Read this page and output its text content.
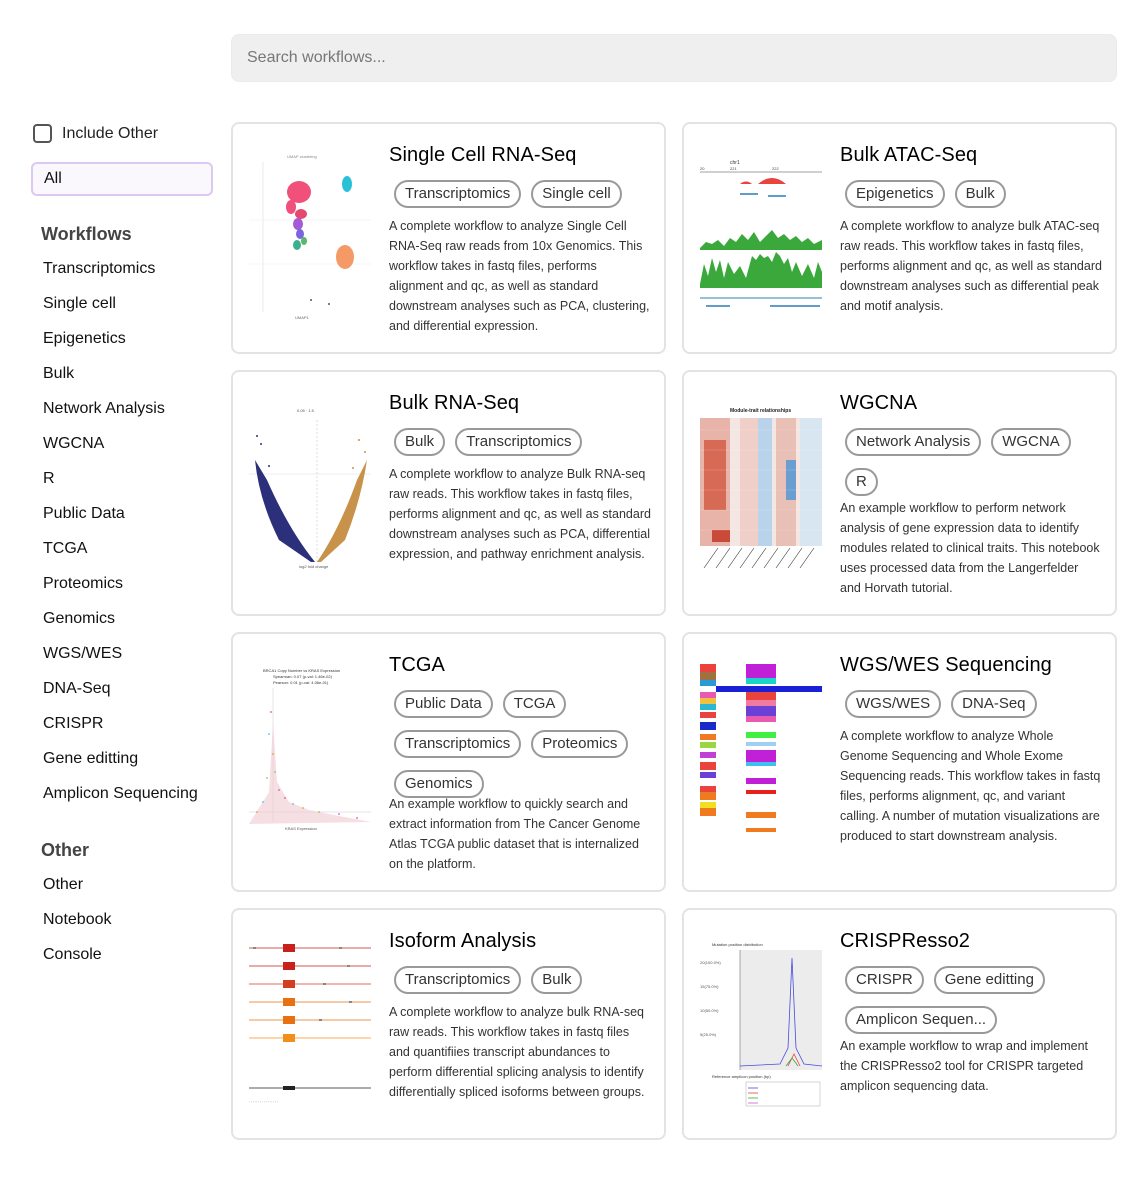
Search workflows...
Include Other
All
Workflows
Transcriptomics
Single cell
Epigenetics
Bulk
Network Analysis
WGCNA
R
Public Data
TCGA
Proteomics
Genomics
WGS/WES
DNA-Seq
CRISPR
Gene editting
Amplicon Sequencing
Other
Other
Notebook
Console
UMAP clustering
UMAP1
Single Cell RNA-Seq
Transcriptomics	Single cell
A complete workflow to analyze Single Cell RNA-Seq raw reads from 10x Genomics. This workflow takes in fastq files, performs alignment and qc, as well as standard downstream analyses such as PCA, clustering, and differential expression.
chr1
20	221	222
Bulk ATAC-Seq
Epigenetics	Bulk
A complete workflow to analyze bulk ATAC-seq raw reads. This workflow takes in fastq files, performs alignment and qc, as well as standard downstream analyses such as differential peak and motif analysis.
0.05 · 1.5
log2 fold change
Bulk RNA-Seq
Bulk	Transcriptomics
A complete workflow to analyze Bulk RNA-seq raw reads. This workflow takes in fastq files, performs alignment and qc, as well as standard downstream analyses such as PCA, differential expression, and pathway enrichment analysis.
Module-trait relationships WGCNA
Network Analysis	WGCNA
R
An example workflow to perform network analysis of gene expression data to identify modules related to clinical traits. This notebook uses processed data from the Langerfelder and Horvath tutorial.
BRCA1 Copy Number vs KRAS Expression
Spearman: 0.07 (p-val: 1.46e-02)
Pearson: 0.01 (p-val: 4.06e-01)
KRAS Expression
TCGA
Public Data	TCGA
Transcriptomics	Proteomics
Genomics
An example workflow to quickly search and extract information from The Cancer Genome Atlas TCGA public dataset that is internalized on the platform.
WGS/WES Sequencing
WGS/WES	DNA-Seq
A complete workflow to analyze Whole Genome Sequencing and Whole Exome Sequencing reads. This workflow takes in fastq files, performs alignment, qc, and variant calling. A number of mutation visualizations are produced to start downstream analysis.
' ' ' ' ' ' ' ' ' ' ' ' ' ' ' '
Isoform Analysis
Transcriptomics	Bulk
A complete workflow to analyze bulk RNA-seq raw reads. This workflow takes in fastq files and quantifiies transcript abundances to perform differential splicing analysis to identify differentially spliced isoforms between groups.
Mutation position distribution
20(100.0%)
15(75.0%)
10(50.0%)
5(25.0%)
Reference amplicon position (bp)
CRISPResso2
CRISPR	Gene editting
Amplicon Sequen...
An example workflow to wrap and implement the CRISPResso2 tool for CRISPR targeted amplicon sequencing data.
